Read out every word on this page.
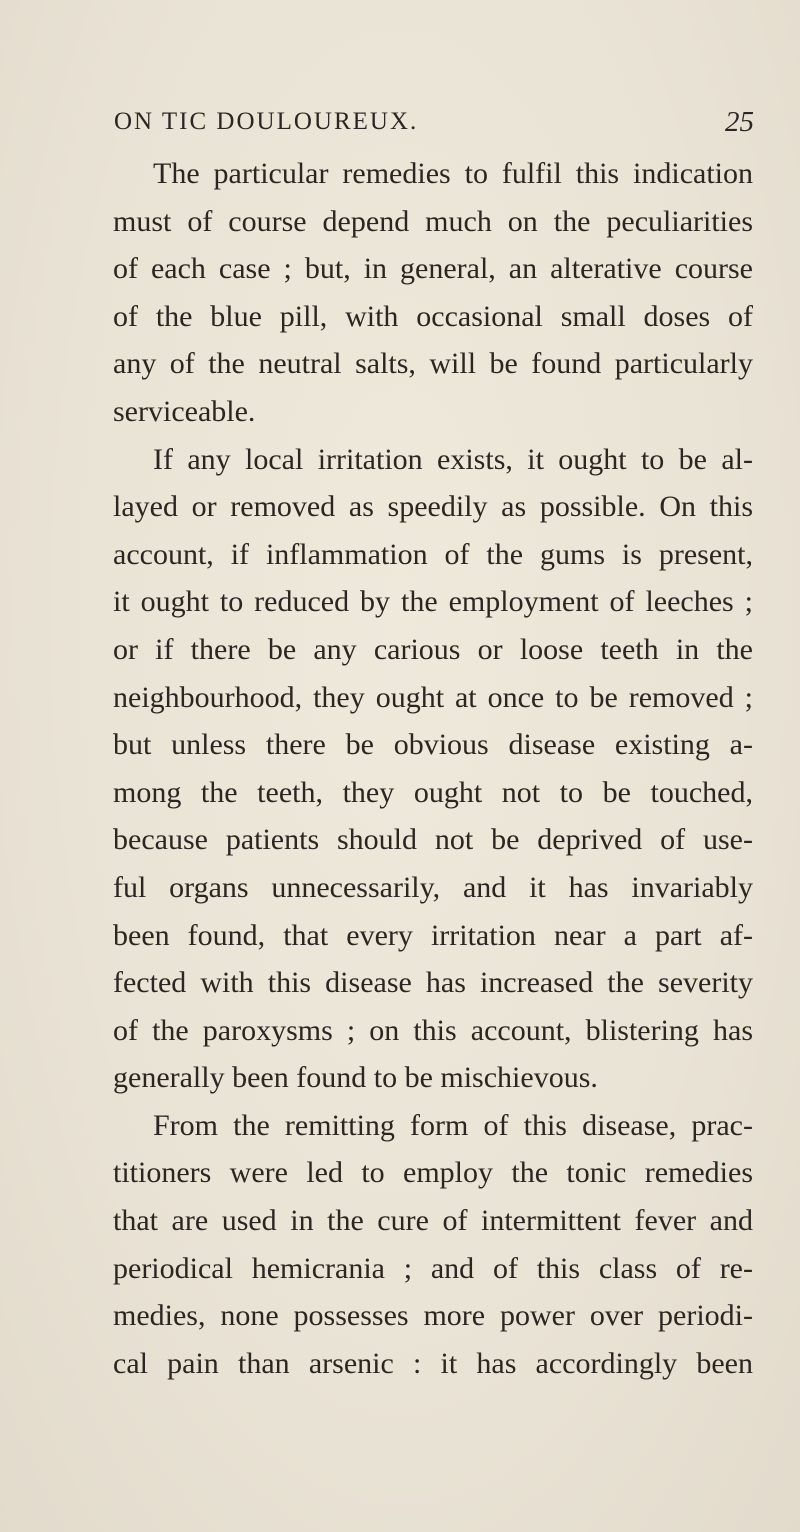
ON TIC DOULOUREUX.	25
The particular remedies to fulfil this indication
must of course depend much on the peculiarities
of each case ; but, in general, an alterative course
of the blue pill, with occasional small doses of
any of the neutral salts, will be found particularly
serviceable.
If any local irritation exists, it ought to be al-
layed or removed as speedily as possible. On this
account, if inflammation of the gums is present,
it ought to reduced by the employment of leeches ;
or if there be any carious or loose teeth in the
neighbourhood, they ought at once to be removed ;
but unless there be obvious disease existing a-
mong the teeth, they ought not to be touched,
because patients should not be deprived of use-
ful organs unnecessarily, and it has invariably
been found, that every irritation near a part af-
fected with this disease has increased the severity
of the paroxysms ; on this account, blistering has
generally been found to be mischievous.
From the remitting form of this disease, prac-
titioners were led to employ the tonic remedies
that are used in the cure of intermittent fever and
periodical hemicrania ; and of this class of re-
medies, none possesses more power over periodi-
cal pain than arsenic : it has accordingly been
